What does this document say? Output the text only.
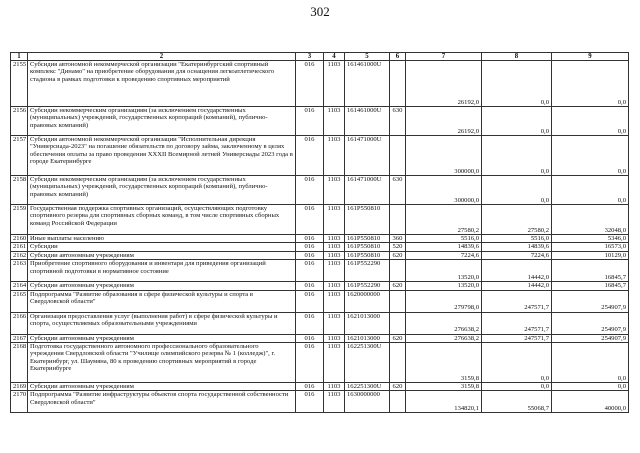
302
1	2	3	4	5	6	7	8	9
2155	Субсидия автономной некоммерческой организации "Екатеринбургский спортивный комплекс "Динамо" на приобретение оборудования для оснащения легкоатлетического стадиона в рамках подготовки к проведению спортивных мероприятий	016	1103	161461000U		26192,0	0,0	0,0
2156	Субсидии некоммерческим организациям (за исключением государственных (муниципальных) учреждений, государственных корпораций (компаний), публично-правовых компаний)	016	1103	161461000U	630	26192,0	0,0	0,0
2157	Субсидия автономной некоммерческой организации "Исполнительная дирекция "Универсиада-2023" на погашение обязательств по договору займа, заключенному в целях обеспечения оплаты за право проведения XXXII Всемирной летней Универсиады 2023 года в городе Екатеринбурге	016	1103	161471000U		300000,0	0,0	0,0
2158	Субсидии некоммерческим организациям (за исключением государственных (муниципальных) учреждений, государственных корпораций (компаний), публично-правовых компаний)	016	1103	161471000U	630	300000,0	0,0	0,0
2159	Государственная поддержка спортивных организаций, осуществляющих подготовку спортивного резерва для спортивных сборных команд, в том числе спортивных сборных команд Российской Федерации	016	1103	161P550810		27580,2	27580,2	32048,0
2160	Иные выплаты населению	016	1103	161P550810	360	5516,0	5516,0	5346,0
2161	Субсидии	016	1103	161P550810	520	14839,6	14839,6	16573,0
2162	Субсидии автономным учреждениям	016	1103	161P550810	620	7224,6	7224,6	10129,0
2163	Приобретение спортивного оборудования и инвентаря для приведения организаций спортивной подготовки в нормативное состояние	016	1103	161P552290		13520,0	14442,0	16845,7
2164	Субсидии автономным учреждениям	016	1103	161P552290	620	13520,0	14442,0	16845,7
2165	Подпрограмма "Развитие образования в сфере физической культуры и спорта в Свердловской области"	016	1103	1620000000		279798,0	247571,7	254907,9
2166	Организация предоставления услуг (выполнения работ) в сфере физической культуры и спорта, осуществляемых образовательными учреждениями	016	1103	1621013000		276638,2	247571,7	254907,9
2167	Субсидии автономным учреждениям	016	1103	1621013000	620	276638,2	247571,7	254907,9
2168	Подготовка государственного автономного профессионального образовательного учреждения Свердловской области "Училище олимпийского резерва № 1 (колледж)", г. Екатеринбург, ул. Шаумяна, 80 к проведению спортивных мероприятий в городе Екатеринбурге	016	1103	162251300U		3159,8	0,0	0,0
2169	Субсидии автономным учреждениям	016	1103	162251300U	620	3159,8	0,0	0,0
2170	Подпрограмма "Развитие инфраструктуры объектов спорта государственной собственности Свердловской области"	016	1103	1630000000		134820,1	55068,7	40000,0
